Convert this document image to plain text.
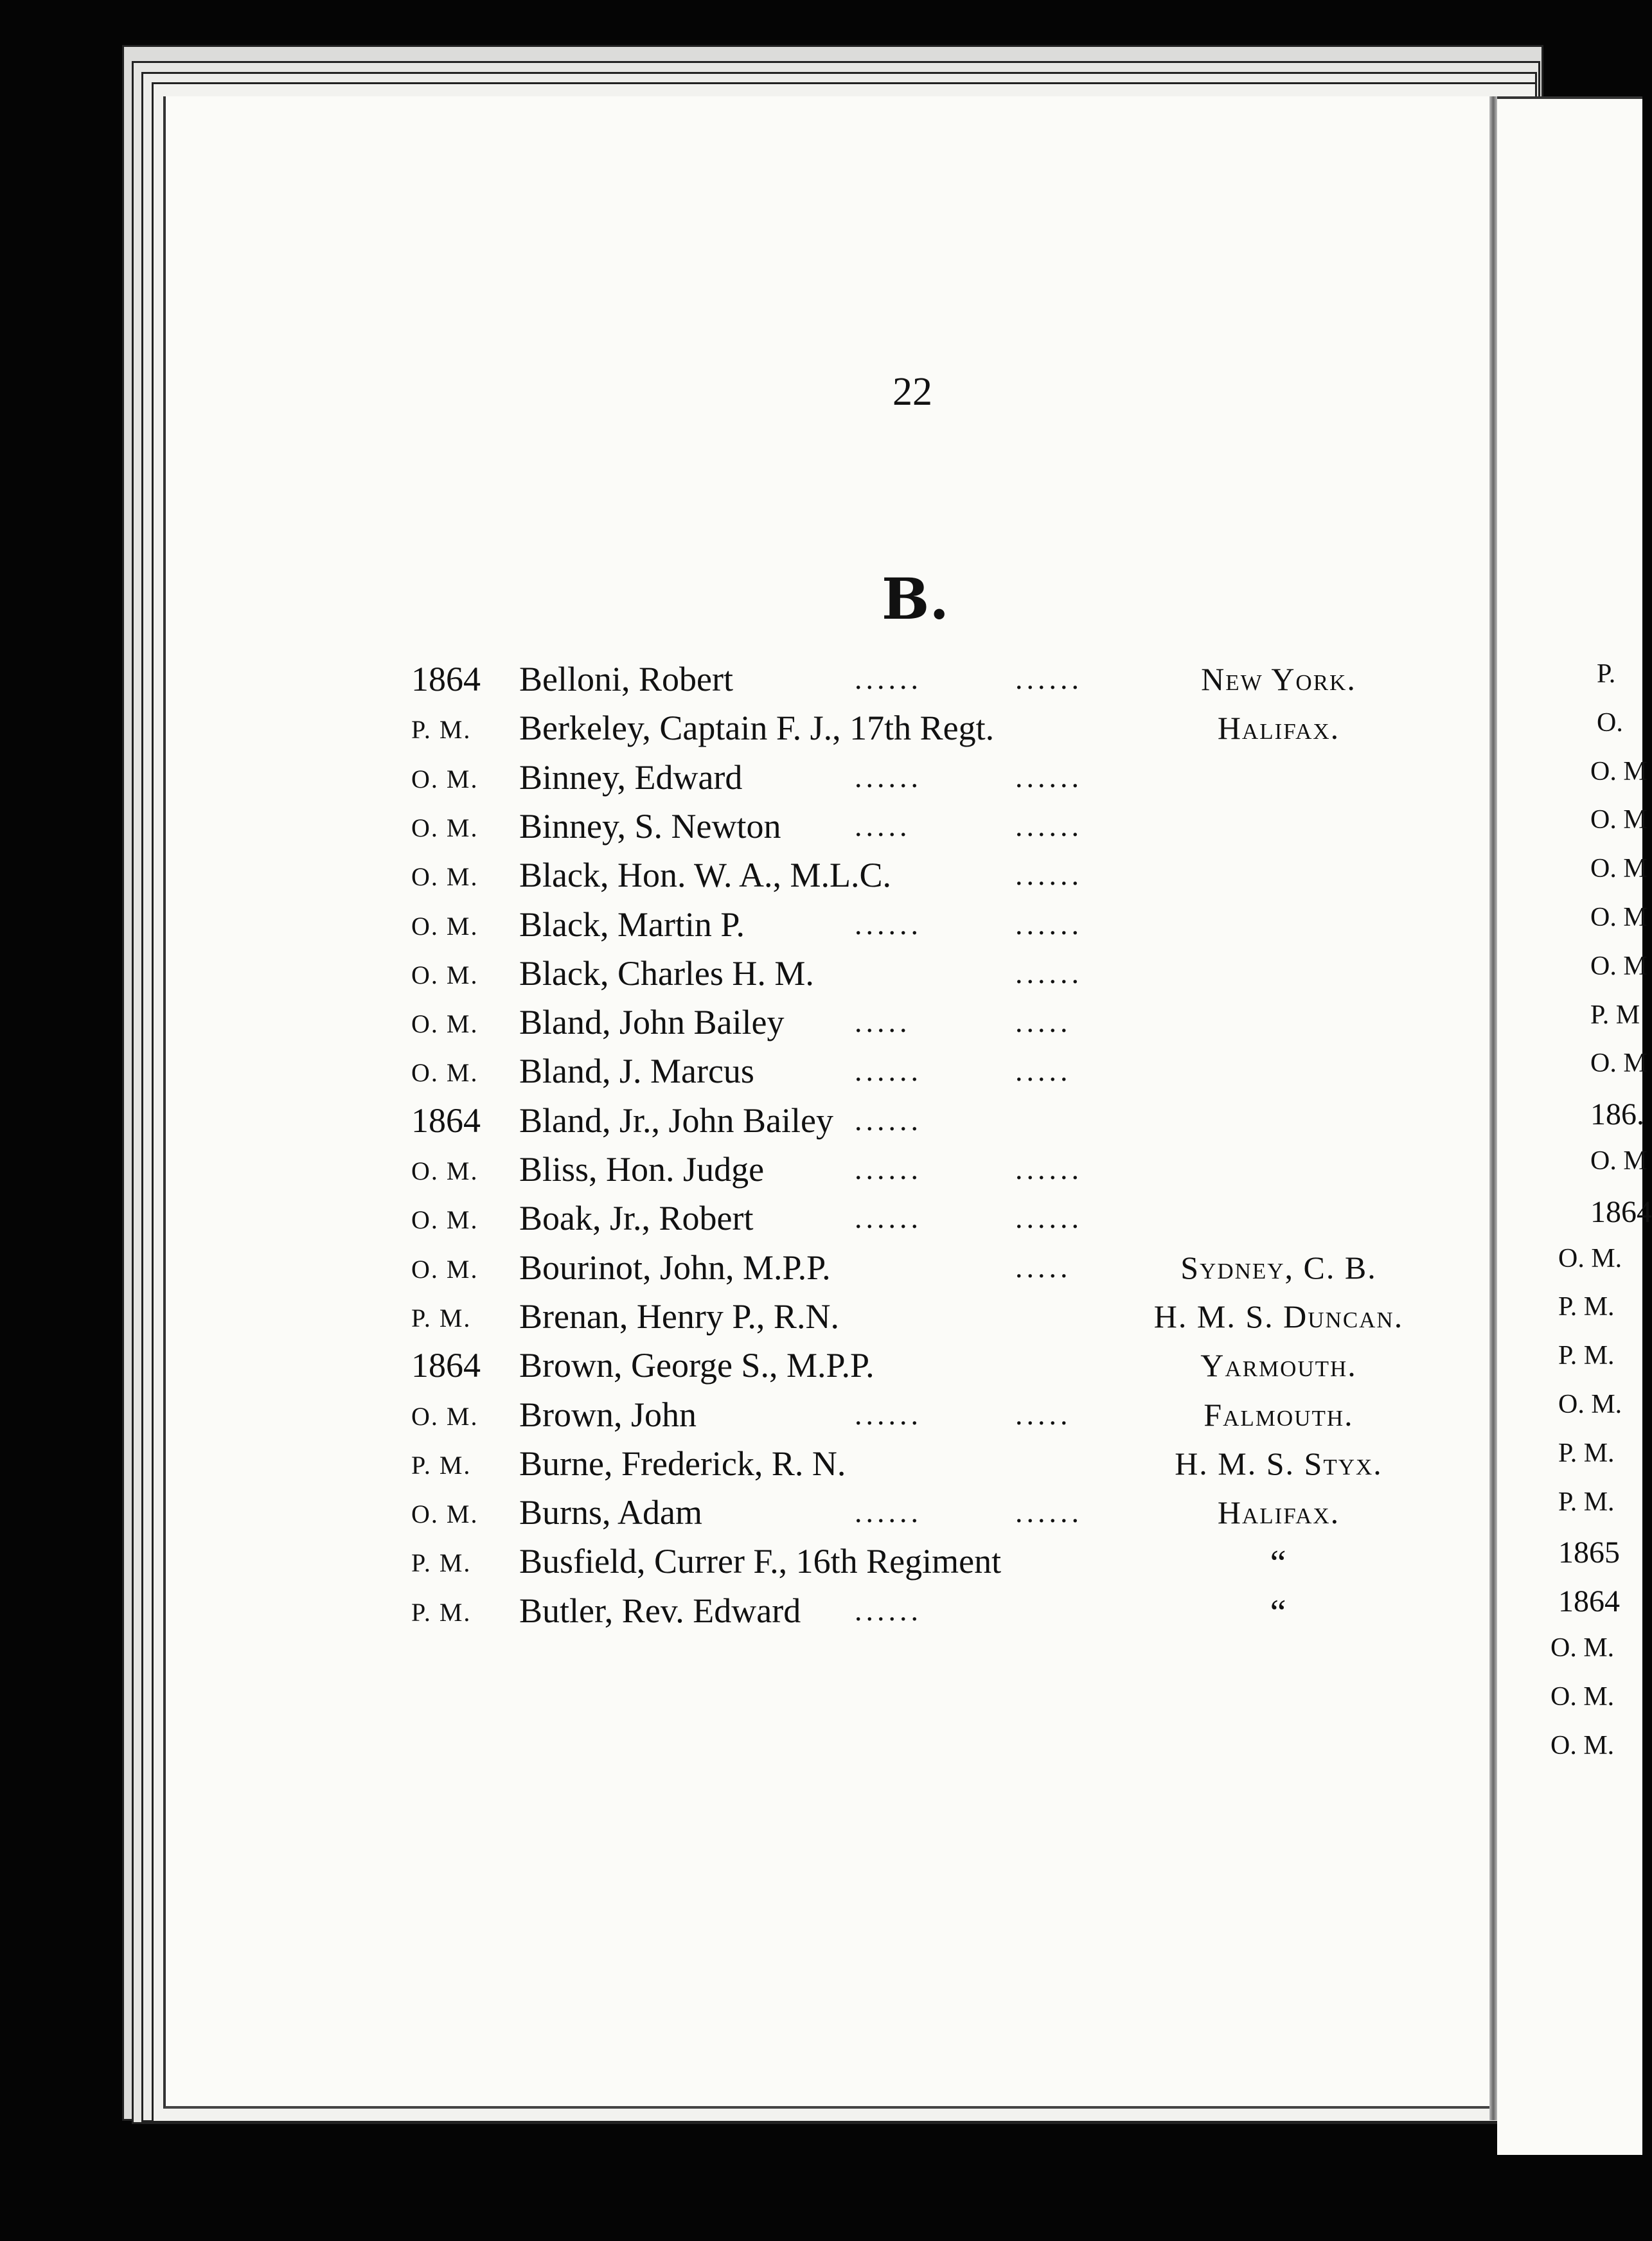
22
B.
1864 Belloni, Robert	......	......	New York.
P. M. Berkeley, Captain F. J., 17th Regt.	Halifax.
O. M. Binney, Edward	......	......
O. M. Binney, S. Newton .....	......
O. M. Black, Hon. W. A., M.L.C.	......
O. M. Black, Martin P.	......	......
O. M. Black, Charles H. M.	......
O. M. Bland, John Bailey .....	.....
O. M. Bland, J. Marcus	......	.....
1864 Bland, Jr., John Bailey ......
O. M. Bliss, Hon. Judge	......	......
O. M. Boak, Jr., Robert	......	......
O. M. Bourinot, John, M.P.P.	.....	Sydney, C. B.
P. M. Brenan, Henry P., R.N.	H. M. S. Duncan.
1864 Brown, George S., M.P.P.	Yarmouth.
O. M. Brown, John	......	.....	Falmouth.
P. M. Burne, Frederick, R. N.	H. M. S. Styx.
O. M. Burns, Adam	......	......	Halifax.
P. M. Busfield, Currer F., 16th Regiment	“
P. M. Butler, Rev. Edward ......	“
P.
O.
O. M
O. M
O. M
O. M
O. M
P. M
O. M
186.
O. M
1864
O. M.
P. M.
P. M.
O. M.
P. M.
P. M.
1865
1864
O. M.
O. M.
O. M.
